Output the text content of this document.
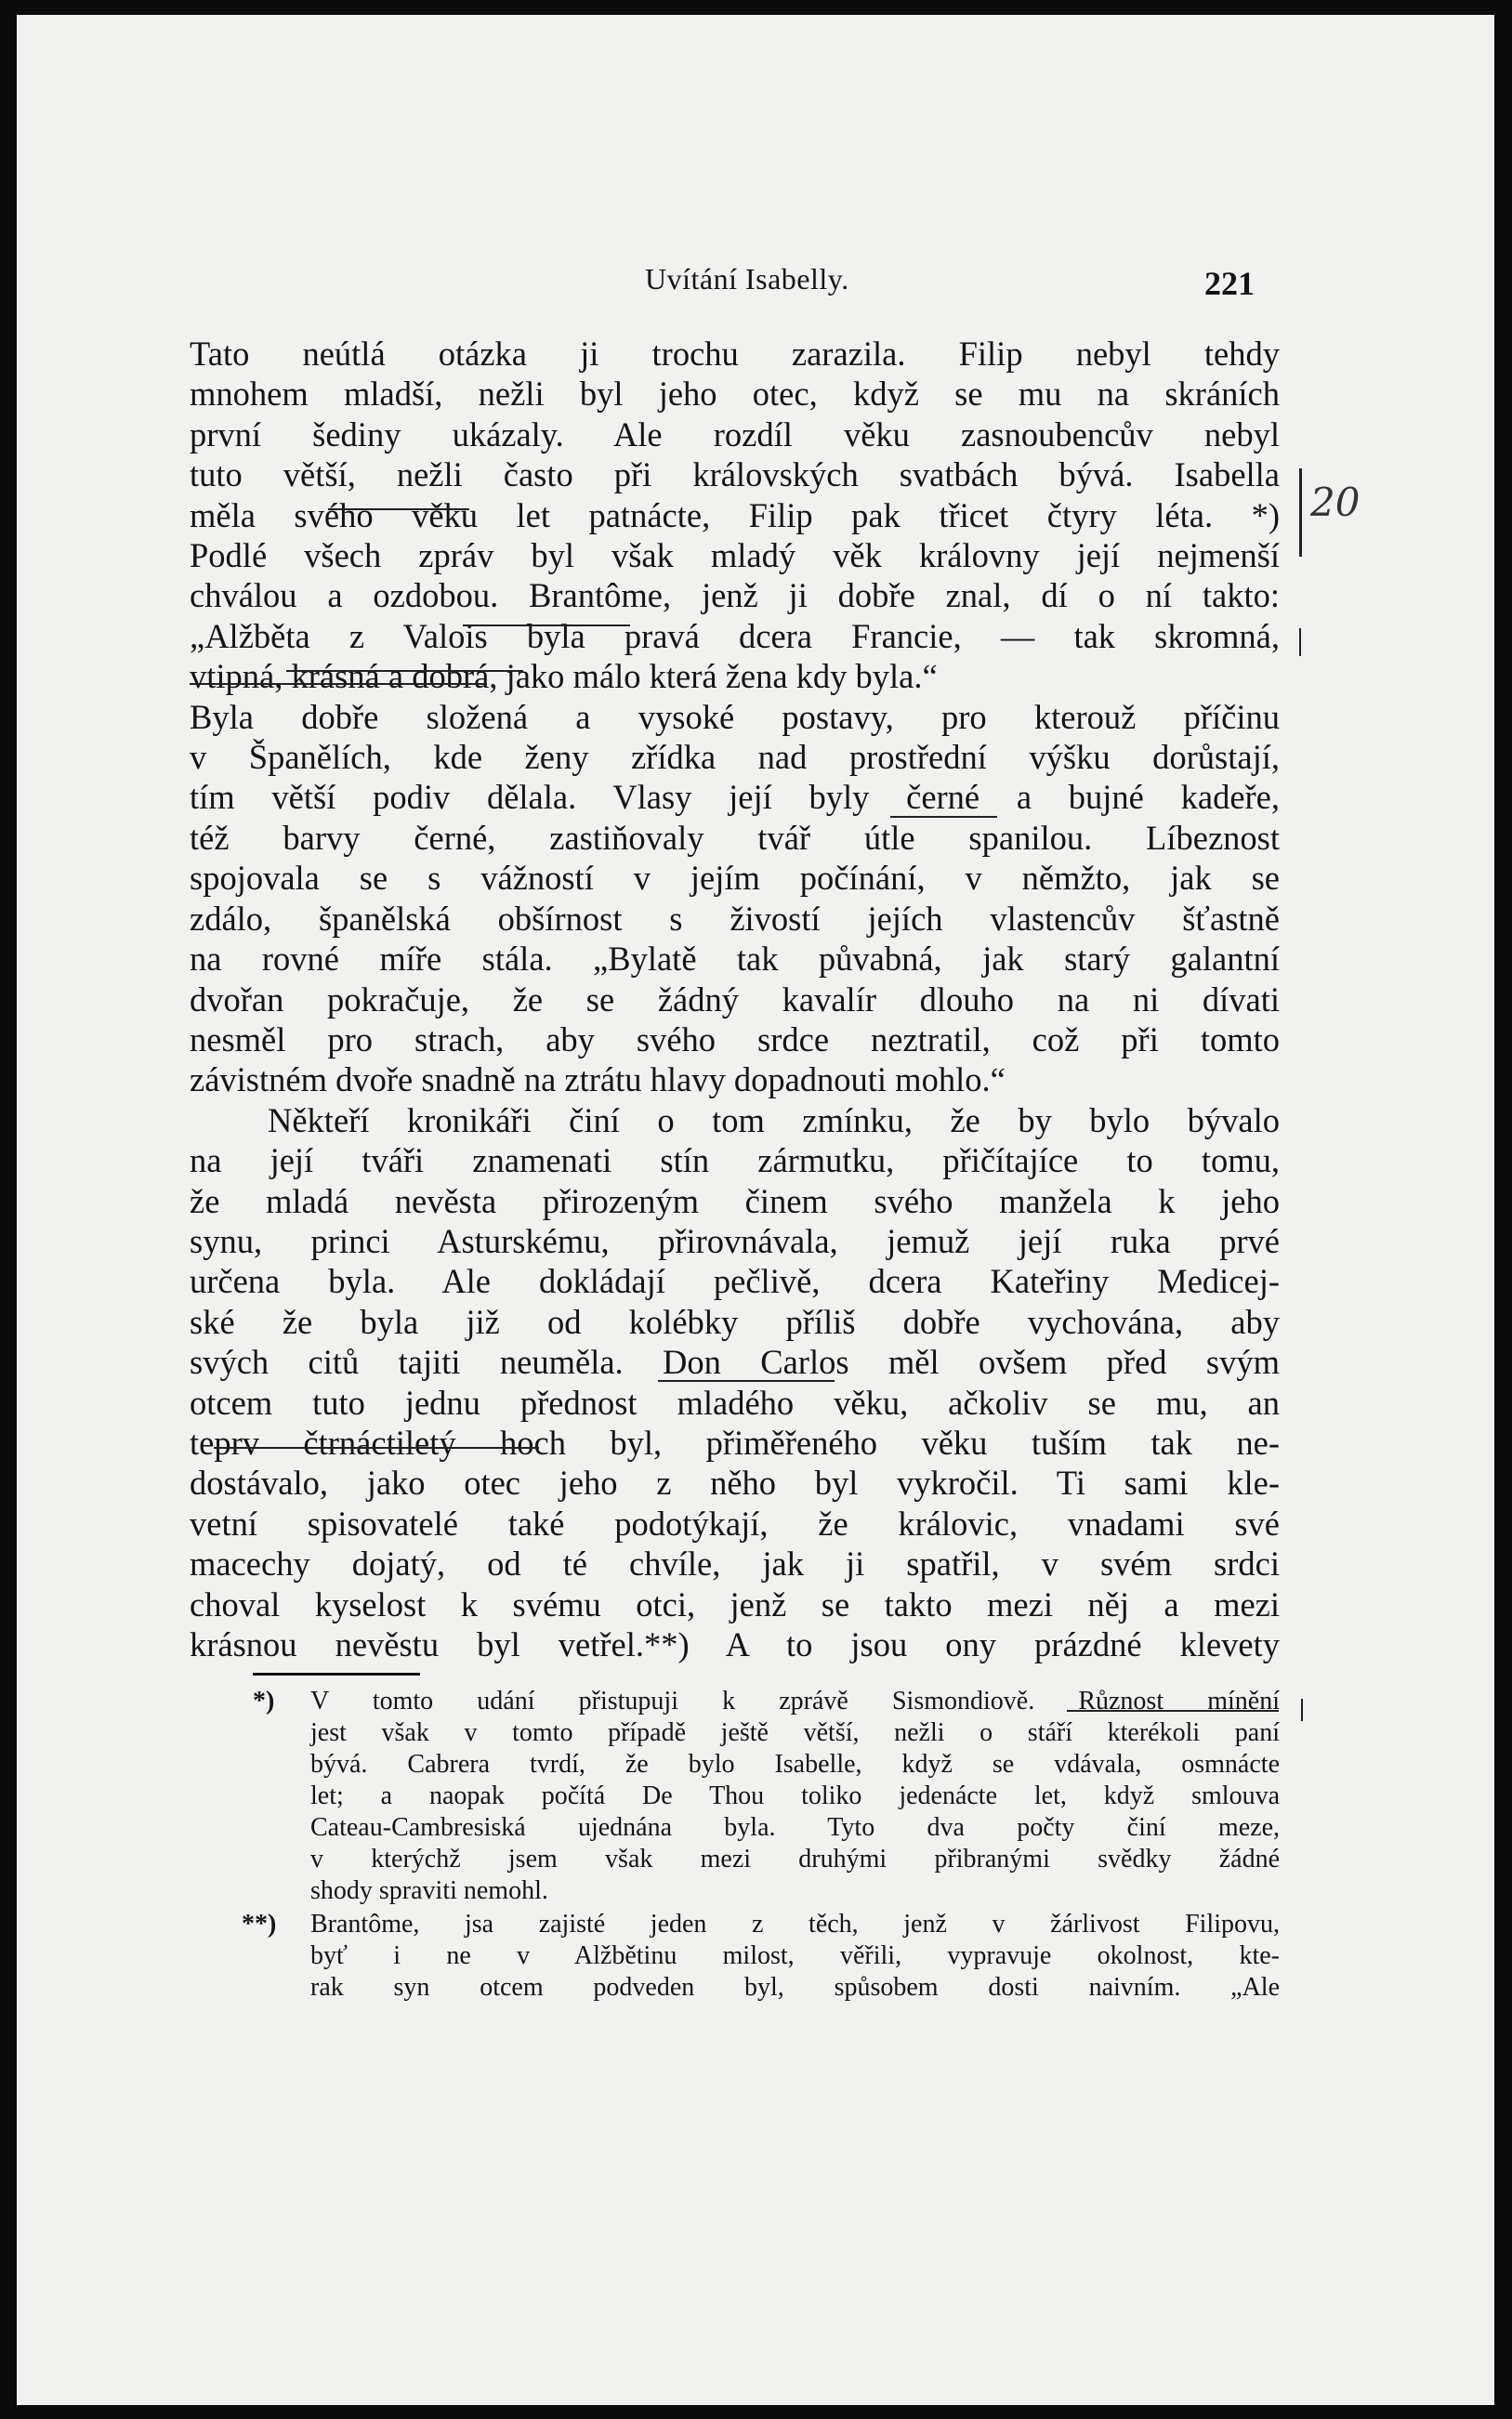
Uvítání Isabelly.	221
Tato neútlá otázka ji trochu zarazila. Filip nebyl tehdy
mnohem mladší, nežli byl jeho otec, když se mu na skráních
první šediny ukázaly. Ale rozdíl věku zasnoubencův nebyl
tuto větší, nežli často při královských svatbách bývá. Isabella
měla svého věku let patnácte, Filip pak třicet čtyry léta. *)
Podlé všech zpráv byl však mladý věk královny její nejmenší
chválou a ozdobou. Brantôme, jenž ji dobře znal, dí o ní takto:
„Alžběta z Valois byla pravá dcera Francie, — tak skromná,
vtipná, krásná a dobrá, jako málo která žena kdy byla.“
Byla dobře složená a vysoké postavy, pro kterouž příčinu
v Španělích, kde ženy zřídka nad prostřední výšku dorůstají,
tím větší podiv dělala. Vlasy její byly černé a bujné kadeře,
též barvy černé, zastiňovaly tvář útle spanilou. Líbeznost
spojovala se s vážností v jejím počínání, v němžto, jak se
zdálo, španělská obšírnost s živostí jejích vlastencův šťastně
na rovné míře stála. „Bylatě tak půvabná, jak starý galantní
dvořan pokračuje, že se žádný kavalír dlouho na ni dívati
nesměl pro strach, aby svého srdce neztratil, což při tomto
závistném dvoře snadně na ztrátu hlavy dopadnouti mohlo.“
Někteří kronikáři činí o tom zmínku, že by bylo bývalo
na její tváři znamenati stín zármutku, přičítajíce to tomu,
že mladá nevěsta přirozeným činem svého manžela k jeho
synu, princi Asturskému, přirovnávala, jemuž její ruka prvé
určena byla. Ale dokládají pečlivě, dcera Kateřiny Medicej-
ské že byla již od kolébky příliš dobře vychována, aby
svých citů tajiti neuměla. Don Carlos měl ovšem před svým
otcem tuto jednu přednost mladého věku, ačkoliv se mu, an
teprv čtrnáctiletý hoch byl, přiměřeného věku tuším tak ne-
dostávalo, jako otec jeho z něho byl vykročil. Ti sami kle-
vetní spisovatelé také podotýkají, že královic, vnadami své
macechy dojatý, od té chvíle, jak ji spatřil, v svém srdci
choval kyselost k svému otci, jenž se takto mezi něj a mezi
krásnou nevěstu byl vetřel.**) A to jsou ony prázdné klevety
20
*) V tomto udání přistupuji k zprávě Sismondiově. Různost mínění
jest však v tomto případě ještě větší, nežli o stáří kterékoli paní
bývá. Cabrera tvrdí, že bylo Isabelle, když se vdávala, osmnácte
let; a naopak počítá De Thou toliko jedenácte let, když smlouva
Cateau-Cambresiská ujednána byla. Tyto dva počty činí meze,
v kterýchž jsem však mezi druhými přibranými svědky žádné
shody spraviti nemohl.
**) Brantôme, jsa zajisté jeden z těch, jenž v žárlivost Filipovu,
byť i ne v Alžbětinu milost, věřili, vypravuje okolnost, kte-
rak syn otcem podveden byl, spůsobem dosti naivním. „Ale
